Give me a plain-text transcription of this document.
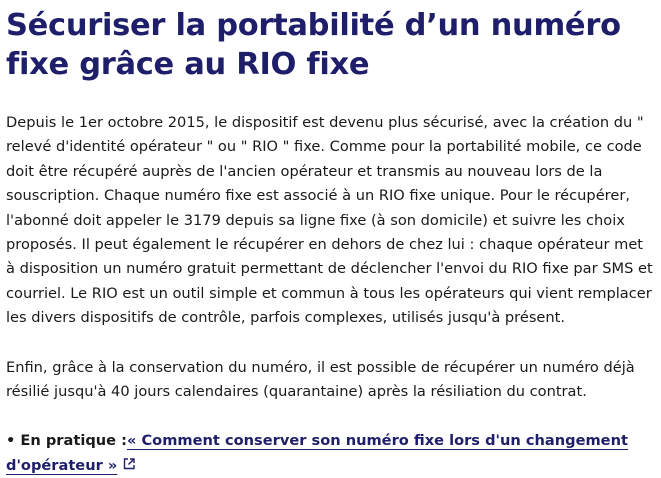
Sécuriser la portabilité d’un numéro fixe grâce au RIO fixe

Depuis le 1er octobre 2015, le dispositif est devenu plus sécurisé, avec la création du " relevé d'identité opérateur " ou " RIO " fixe. Comme pour la portabilité mobile, ce code doit être récupéré auprès de l'ancien opérateur et transmis au nouveau lors de la souscription. Chaque numéro fixe est associé à un RIO fixe unique. Pour le récupérer, l'abonné doit appeler le 3179 depuis sa ligne fixe (à son domicile) et suivre les choix proposés. Il peut également le récupérer en dehors de chez lui : chaque opérateur met à disposition un numéro gratuit permettant de déclencher l'envoi du RIO fixe par SMS et courriel. Le RIO est un outil simple et commun à tous les opérateurs qui vient remplacer les divers dispositifs de contrôle, parfois complexes, utilisés jusqu'à présent.

Enfin, grâce à la conservation du numéro, il est possible de récupérer un numéro déjà résilié jusqu'à 40 jours calendaires (quarantaine) après la résiliation du contrat.

• En pratique :« Comment conserver son numéro fixe lors d'un changement d'opérateur »
